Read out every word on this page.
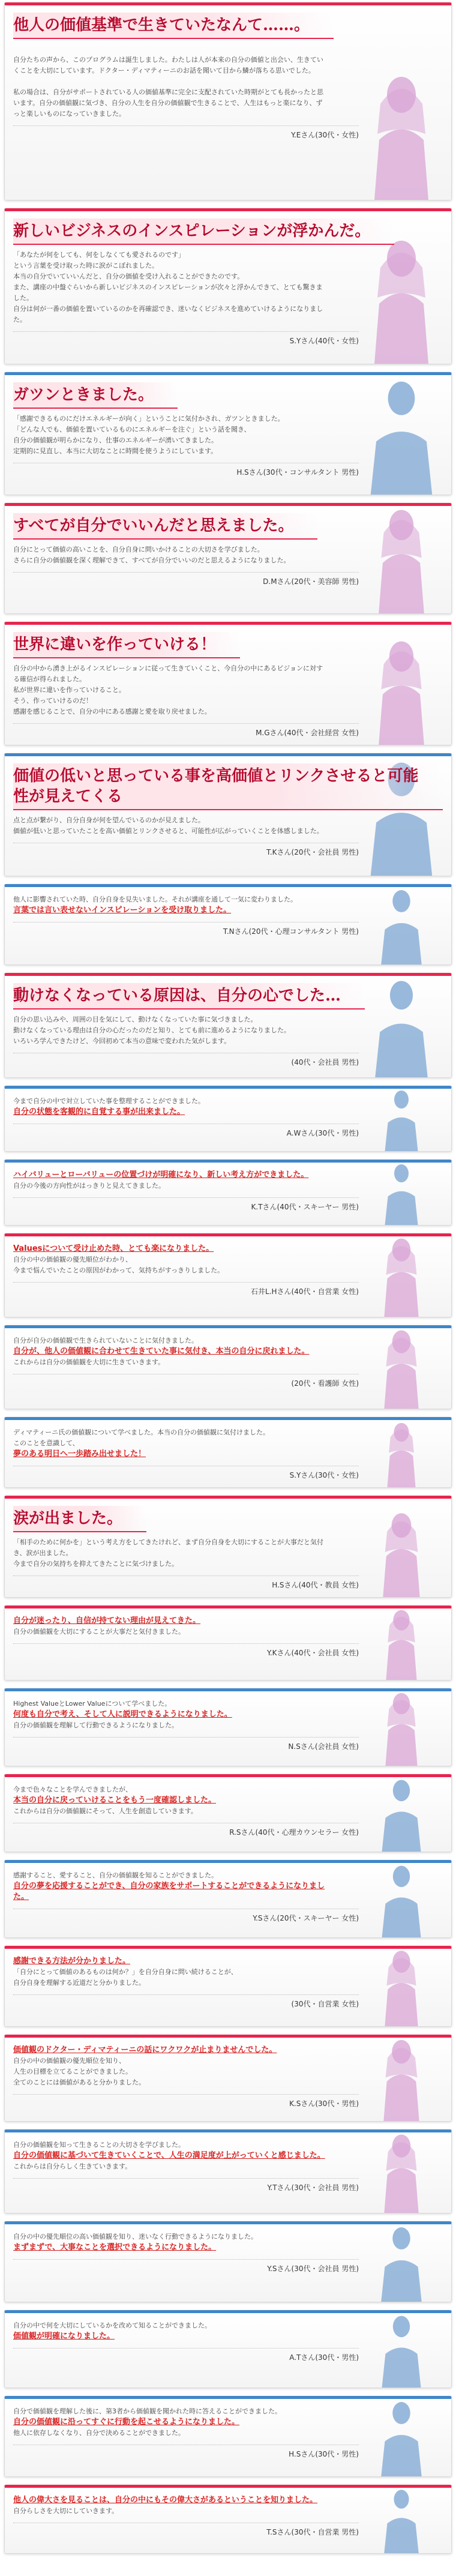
他人の価値基準で生きていたなんて……。

自分たちの声から、このプログラムは誕生しました。わたしは人が本来の自分の価値と出会い、生きていくことを大切にしています。ドクター・ディマティーニのお話を聞いて目から鱗が落ちる思いでした。

私の場合は、自分がサポートされている人の価値基準に完全に支配されていた時期がとても長かったと思います。自分の価値観に気づき、自分の人生を自分の価値観で生きることで、人生はもっと楽になり、ずっと楽しいものになっていきました。

Y.Eさん(30代・女性)
新しいビジネスのインスピレーションが浮かんだ。

「あなたが何をしても、何をしなくても愛されるのです」

という言葉を受け取った時に涙がこぼれました。

本当の自分でいていいんだと、自分の価値を受け入れることができたのです。

また、講座の中盤ぐらいから新しいビジネスのインスピレーションが次々と浮かんできて、とても驚きました。

自分は何が一番の価値を置いているのかを再確認でき、迷いなくビジネスを進めていけるようになりました。

S.Yさん(40代・女性)
ガツンときました。

「感謝できるものにだけエネルギーが向く」ということに気付かされ、ガツンときました。

「どんな人でも、価値を置いているものにエネルギーを注ぐ」という話を聞き、

自分の価値観が明らかになり、仕事のエネルギーが湧いてきました。

定期的に見直し、本当に大切なことに時間を使うようにしています。

H.Sさん(30代・コンサルタント 男性)
すべてが自分でいいんだと思えました。

自分にとって価値の高いことを、自分自身に問いかけることの大切さを学びました。

さらに自分の価値観を深く理解できて、すべてが自分でいいのだと思えるようになりました。

D.Mさん(20代・美容師 男性)
世界に違いを作っていける！

自分の中から湧き上がるインスピレーションに従って生きていくこと、今自分の中にあるビジョンに対する確信が得られました。

私が世界に違いを作っていけること。

そう、作っていけるのだ！

感謝を感じることで、自分の中にある感謝と愛を取り戻せました。

M.Gさん(40代・会社経営 女性)
価値の低いと思っている事を高価値とリンクさせると可能性が見えてくる

点と点が繋がり、自分自身が何を望んでいるのかが見えました。

価値が低いと思っていたことを高い価値とリンクさせると、可能性が広がっていくことを体感しました。

T.Kさん(20代・会社員 男性)

他人に影響されていた時、自分自身を見失いました。それが講座を通して一気に変わりました。

言葉では言い表せないインスピレーションを受け取りました。

T.Nさん(20代・心理コンサルタント 男性)
動けなくなっている原因は、自分の心でした…

自分の思い込みや、周囲の目を気にして、動けなくなっていた事に気づきました。

動けなくなっている理由は自分の心だったのだと知り、とても前に進めるようになりました。

いろいろ学んできたけど、今回初めて本当の意味で変われた気がします。

(40代・会社員 男性)

今まで自分の中で対立していた事を整理することができました。

自分の状態を客観的に自覚する事が出来ました。

A.Wさん(30代・男性)

ハイバリューとローバリューの位置づけが明確になり、新しい考え方ができました。

自分の今後の方向性がはっきりと見えてきました。

K.Tさん(40代・スキーヤー 男性)

Valuesについて受け止めた時、とても楽になりました。

自分の中の価値観の優先順位がわかり、

今まで悩んでいたことの原因がわかって、気持ちがすっきりしました。

石井L.Hさん(40代・自営業 女性)

自分が自分の価値観で生きられていないことに気付きました。

自分が、他人の価値観に合わせて生きていた事に気付き、本当の自分に戻れました。

これからは自分の価値観を大切に生きていきます。

(20代・看護師 女性)

ディマティーニ氏の価値観について学べました。本当の自分の価値観に気付けました。

このことを意識して、

夢のある明日へ一歩踏み出せました！

S.Yさん(30代・女性)
涙が出ました。

「相手のために何かを」という考え方をしてきたけれど、まず自分自身を大切にすることが大事だと気付き、涙が出ました。

今まで自分の気持ちを抑えてきたことに気づけました。

H.Sさん(40代・教員 女性)

自分が迷ったり、自信が持てない理由が見えてきた。

自分の価値観を大切にすることが大事だと気付きました。

Y.Kさん(40代・会社員 女性)

Highest ValueとLower Valueについて学べました。

何度も自分で考え、そして人に説明できるようになりました。

自分の価値観を理解して行動できるようになりました。

N.Sさん(会社員 女性)

今まで色々なことを学んできましたが、

本当の自分に戻っていけることをもう一度確認しました。

これからは自分の価値観にそって、人生を創造していきます。

R.Sさん(40代・心理カウンセラー 女性)

感謝すること、愛すること、自分の価値観を知ることができました。

自分の夢を応援することができ、自分の家族をサポートすることができるようになりました。

Y.Sさん(20代・スキーヤー 女性)

感謝できる方法が分かりました。

「自分にとって価値のあるものは何か？」を自分自身に問い続けることが、

自分自身を理解する近道だと分かりました。

(30代・自営業 女性)

価値観のドクター・ディマティーニの話にワクワクが止まりませんでした。

自分の中の価値観の優先順位を知り、

人生の目標を立てることができました。

全てのことには価値があると分かりました。

K.Sさん(30代・男性)

自分の価値観を知って生きることの大切さを学びました。

自分の価値観に基づいて生きていくことで、人生の満足度が上がっていくと感じました。

これからは自分らしく生きていきます。

Y.Tさん(30代・会社員 男性)

自分の中の優先順位の高い価値観を知り、迷いなく行動できるようになりました。

まずまずで、大事なことを選択できるようになりました。

Y.Sさん(30代・会社員 男性)

自分の中で何を大切にしているかを改めて知ることができました。

価値観が明確になりました。

A.Tさん(30代・男性)

自分で価値観を理解した後に、第3者から価値観を聞かれた時に答えることができました。

自分の価値観に沿ってすぐに行動を起こせるようになりました。

他人に依存しなくなり、自分で決めることができました。

H.Sさん(30代・男性)

他人の偉大さを見ることは、自分の中にもその偉大さがあるということを知りました。

自分らしさを大切にしていきます。

T.Sさん(30代・自営業 男性)
